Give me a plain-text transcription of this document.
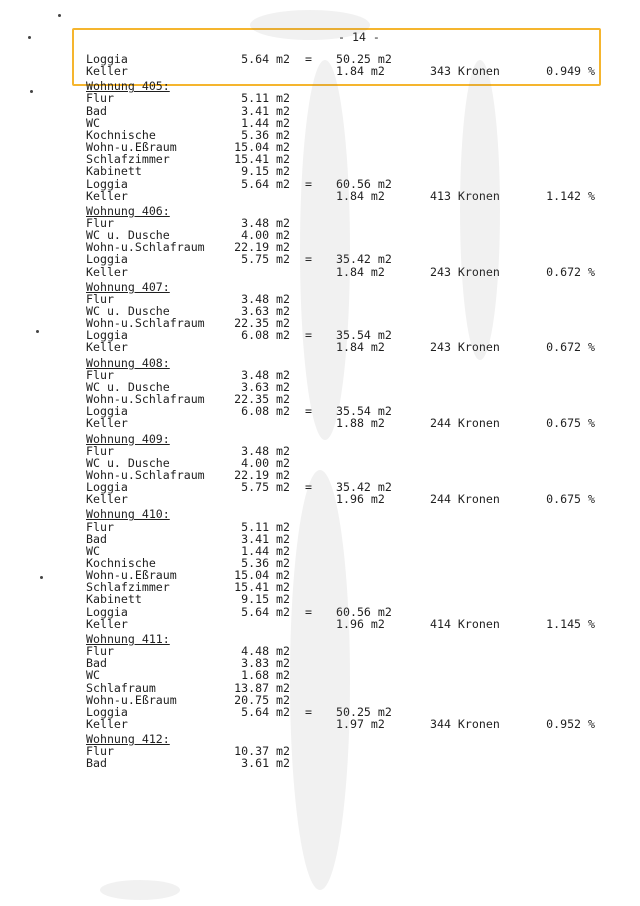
- 14 -
Loggia	5.64 m2 = 50.25 m2
Keller	1.84 m2	343 Kronen	0.949 %
Wohnung 405:
Flur	5.11 m2
Bad	3.41 m2
WC	1.44 m2
Kochnische	5.36 m2
Wohn-u.Eßraum	15.04 m2
Schlafzimmer	15.41 m2
Kabinett	9.15 m2
Loggia	5.64 m2 = 60.56 m2
Keller	1.84 m2	413 Kronen	1.142 %
Wohnung 406:
Flur	3.48 m2
WC u. Dusche	4.00 m2
Wohn-u.Schlafraum	22.19 m2
Loggia	5.75 m2 = 35.42 m2
Keller	1.84 m2	243 Kronen	0.672 %
Wohnung 407:
Flur	3.48 m2
WC u. Dusche	3.63 m2
Wohn-u.Schlafraum	22.35 m2
Loggia	6.08 m2 = 35.54 m2
Keller	1.84 m2	243 Kronen	0.672 %
Wohnung 408:
Flur	3.48 m2
WC u. Dusche	3.63 m2
Wohn-u.Schlafraum	22.35 m2
Loggia	6.08 m2 = 35.54 m2
Keller	1.88 m2	244 Kronen	0.675 %
Wohnung 409:
Flur	3.48 m2
WC u. Dusche	4.00 m2
Wohn-u.Schlafraum	22.19 m2
Loggia	5.75 m2 = 35.42 m2
Keller	1.96 m2	244 Kronen	0.675 %
Wohnung 410:
Flur	5.11 m2
Bad	3.41 m2
WC	1.44 m2
Kochnische	5.36 m2
Wohn-u.Eßraum	15.04 m2
Schlafzimmer	15.41 m2
Kabinett	9.15 m2
Loggia	5.64 m2 = 60.56 m2
Keller	1.96 m2	414 Kronen	1.145 %
Wohnung 411:
Flur	4.48 m2
Bad	3.83 m2
WC	1.68 m2
Schlafraum	13.87 m2
Wohn-u.Eßraum	20.75 m2
Loggia	5.64 m2 = 50.25 m2
Keller	1.97 m2	344 Kronen	0.952 %
Wohnung 412:
Flur	10.37 m2
Bad	3.61 m2
